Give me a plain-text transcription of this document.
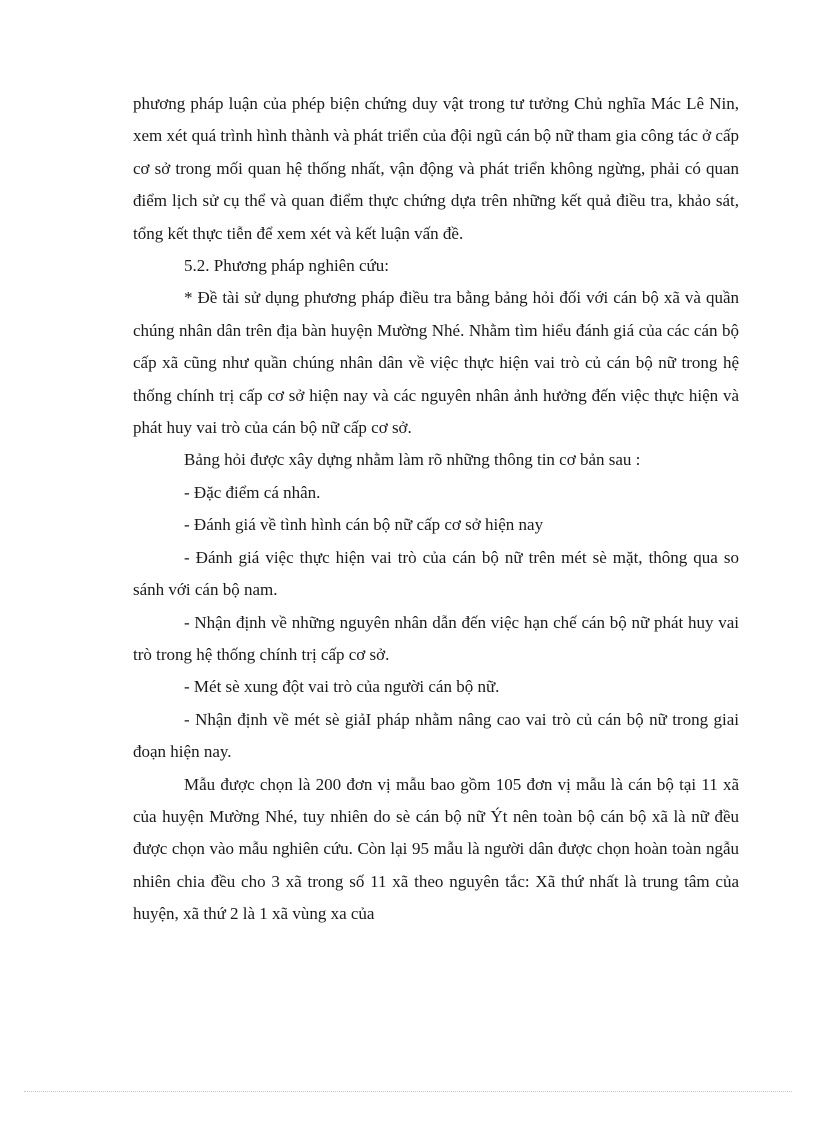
phương pháp luận của phép biện chứng duy vật trong tư tưởng Chủ nghĩa Mác Lê Nin, xem xét quá trình hình thành và phát triển của đội ngũ cán bộ nữ tham gia công tác ở cấp cơ sở trong mối quan hệ thống nhất, vận động và phát triển không ngừng, phải có quan điểm lịch sử cụ thể và quan điểm thực chứng dựa trên những kết quả điều tra, khảo sát, tổng kết thực tiễn để xem xét và kết luận vấn đề.

5.2. Phương pháp nghiên cứu:

* Đề tài sử dụng phương pháp điều tra bằng bảng hỏi đối với cán bộ xã và quần chúng nhân dân trên địa bàn huyện Mường Nhé. Nhằm tìm hiểu đánh giá của các cán bộ cấp xã cũng như quần chúng nhân dân về việc thực hiện vai trò củ cán bộ nữ trong hệ thống chính trị cấp cơ sở hiện nay và các nguyên nhân ảnh hưởng đến việc thực hiện và phát huy vai trò của cán bộ nữ cấp cơ sở.

Bảng hỏi được xây dựng nhằm làm rõ những thông tin cơ bản sau :

- Đặc điểm cá nhân.

- Đánh giá về tình hình cán bộ nữ cấp cơ sở hiện nay

- Đánh giá việc thực hiện vai trò của cán bộ nữ trên mét sè mặt, thông qua so sánh với cán bộ nam.

- Nhận định về những nguyên nhân dẫn đến việc hạn chế cán bộ nữ phát huy vai trò trong hệ thống chính trị cấp cơ sở.

- Mét sè xung đột vai trò của người cán bộ nữ.

- Nhận định về mét sè giảI pháp nhằm nâng cao vai trò củ cán bộ nữ trong giai đoạn hiện nay.

Mẫu được chọn là 200 đơn vị mẫu bao gồm 105 đơn vị mẫu là cán bộ tại 11 xã của huyện Mường Nhé, tuy nhiên do sè cán bộ nữ Ýt nên toàn bộ cán bộ xã là nữ đều được chọn vào mẫu nghiên cứu. Còn lại 95 mẫu là người dân được chọn hoàn toàn ngẫu nhiên chia đều cho 3 xã trong số 11 xã theo nguyên tắc: Xã thứ nhất là trung tâm của huyện, xã thứ 2 là 1 xã vùng xa của
